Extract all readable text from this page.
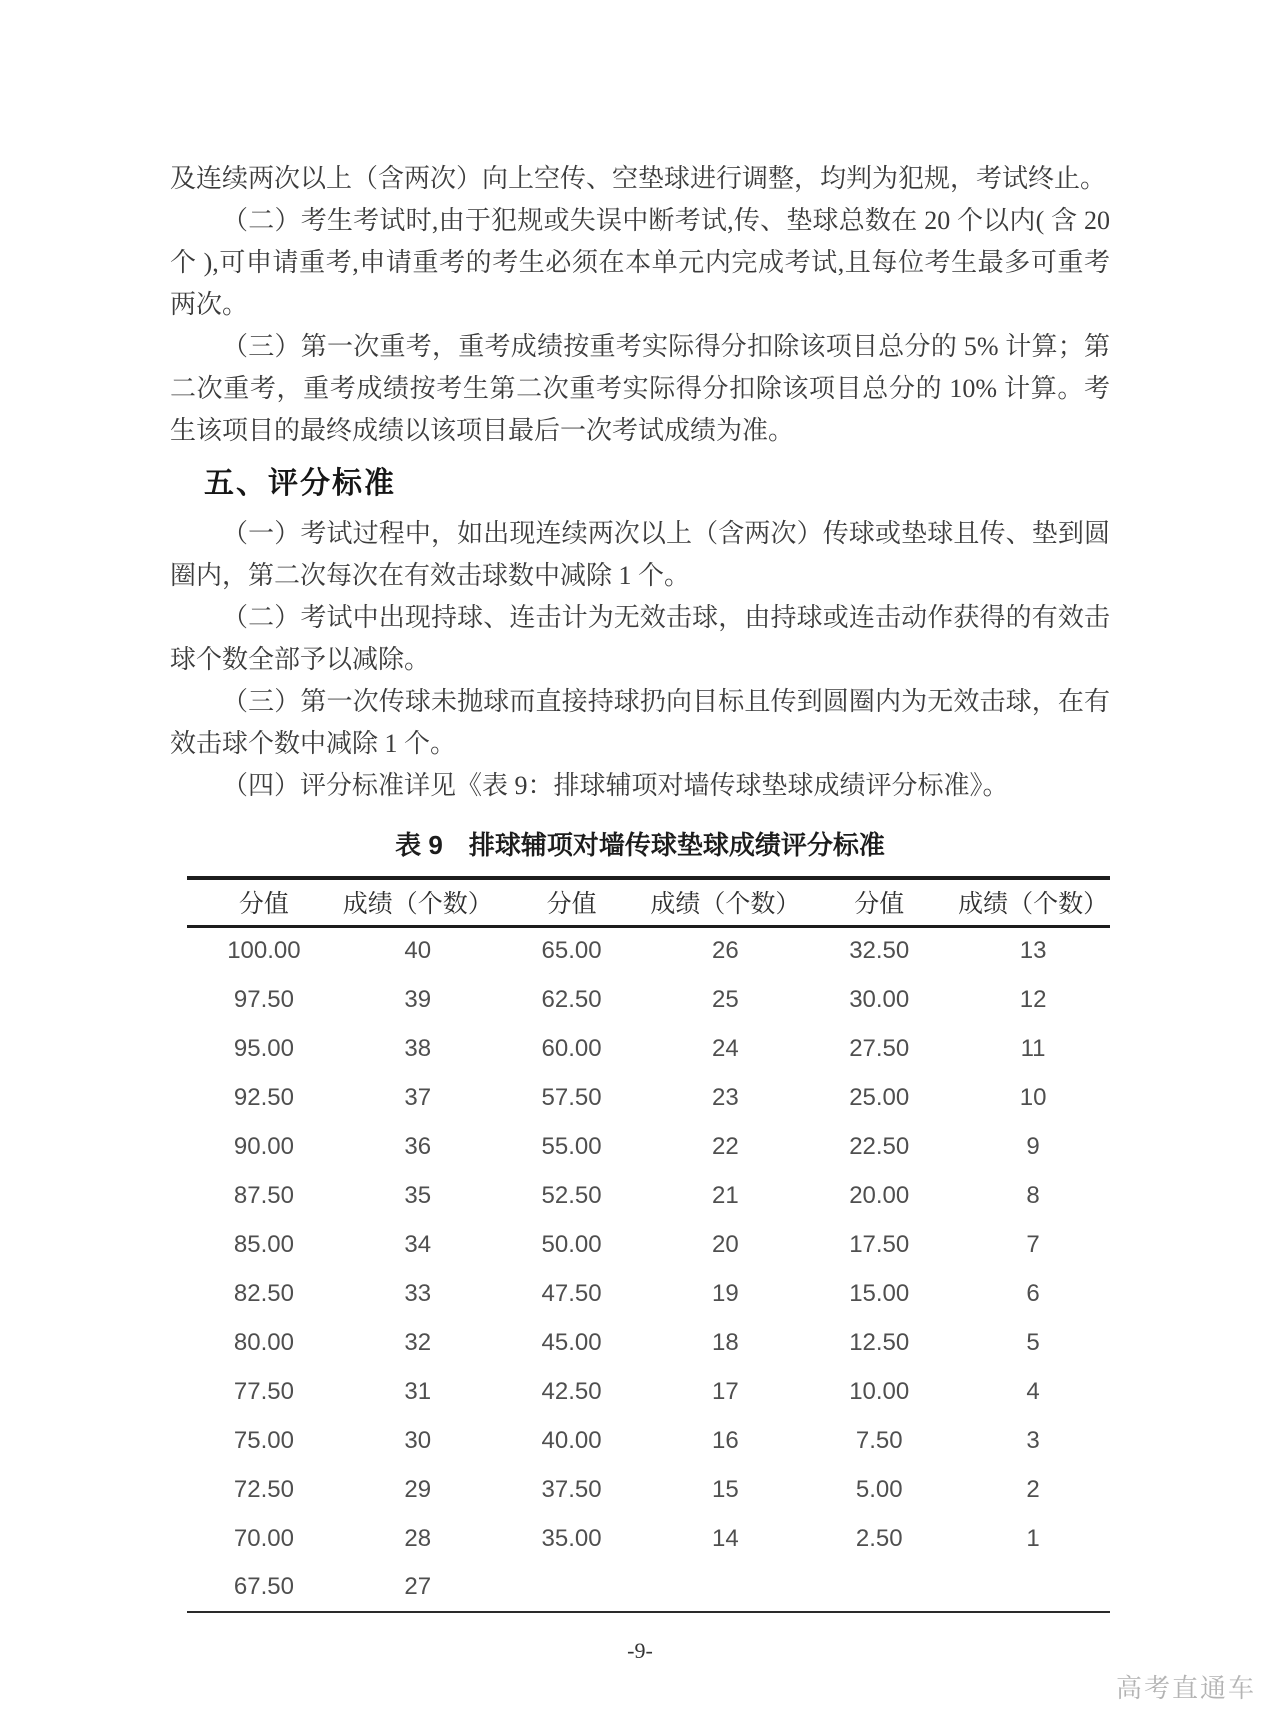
及连续两次以上（含两次）向上空传、空垫球进行调整，均判为犯规，考试终止。

（二）考生考试时,由于犯规或失误中断考试,传、垫球总数在 20 个以内( 含 20 个 ),可申请重考,申请重考的考生必须在本单元内完成考试,且每位考生最多可重考两次。

（三）第一次重考，重考成绩按重考实际得分扣除该项目总分的 5% 计算；第二次重考，重考成绩按考生第二次重考实际得分扣除该项目总分的 10% 计算。考生该项目的最终成绩以该项目最后一次考试成绩为准。

五、评分标准

（一）考试过程中，如出现连续两次以上（含两次）传球或垫球且传、垫到圆圈内，第二次每次在有效击球数中减除 1 个。

（二）考试中出现持球、连击计为无效击球，由持球或连击动作获得的有效击球个数全部予以减除。

（三）第一次传球未抛球而直接持球扔向目标且传到圆圈内为无效击球，在有效击球个数中减除 1 个。

（四）评分标准详见《表 9：排球辅项对墙传球垫球成绩评分标准》。

表 9　排球辅项对墙传球垫球成绩评分标准
分值	成绩（个数）	分值	成绩（个数）	分值	成绩（个数）
100.00	40	65.00	26	32.50	13
97.50	39	62.50	25	30.00	12
95.00	38	60.00	24	27.50	11
92.50	37	57.50	23	25.00	10
90.00	36	55.00	22	22.50	9
87.50	35	52.50	21	20.00	8
85.00	34	50.00	20	17.50	7
82.50	33	47.50	19	15.00	6
80.00	32	45.00	18	12.50	5
77.50	31	42.50	17	10.00	4
75.00	30	40.00	16	7.50	3
72.50	29	37.50	15	5.00	2
70.00	28	35.00	14	2.50	1
67.50	27				
-9-
高考直通车
